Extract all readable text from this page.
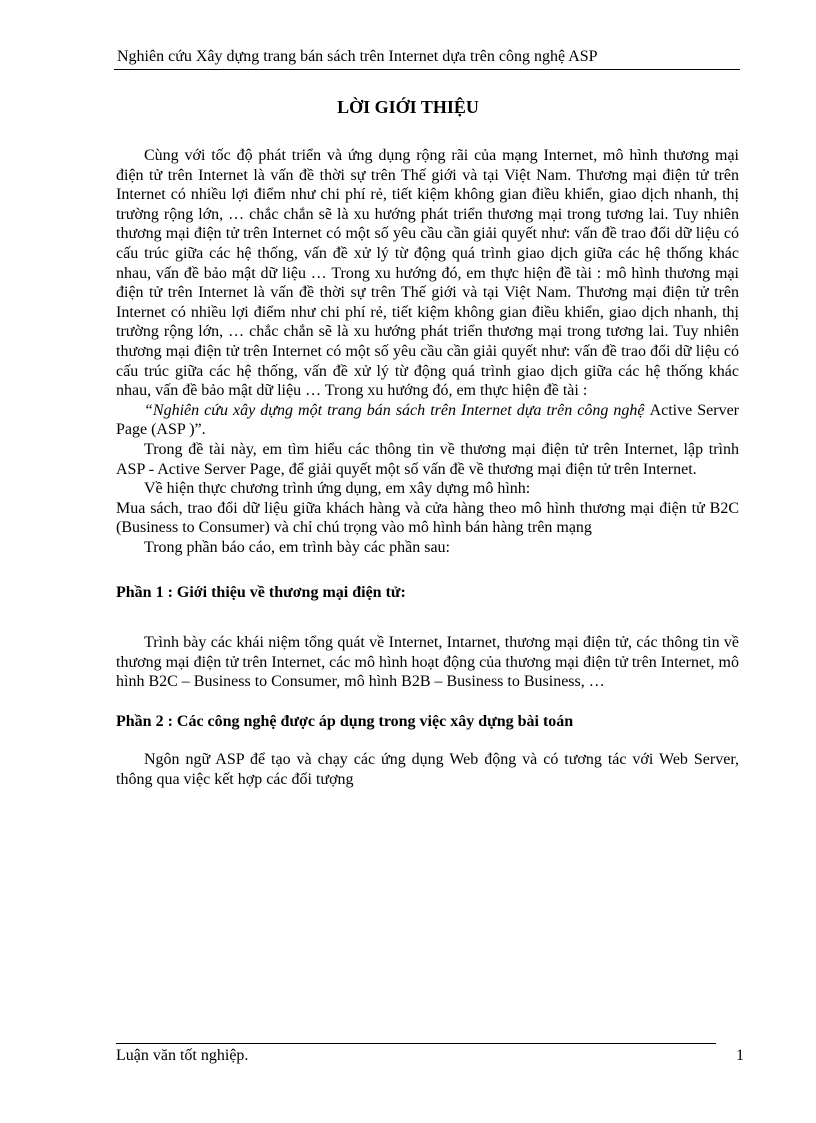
Nghiên cứu Xây dựng trang bán sách trên Internet dựa trên công nghệ ASP
LỜI GIỚI THIỆU

Cùng với tốc độ phát triển và ứng dụng rộng rãi của mạng Internet, mô hình thương mại điện tử trên Internet là vấn đề thời sự trên Thế giới và tại Việt Nam. Thương mại điện tử trên Internet có nhiều lợi điểm như chi phí rẻ, tiết kiệm không gian điều khiển, giao dịch nhanh, thị trường rộng lớn, … chắc chắn sẽ là xu hướng phát triển thương mại trong tương lai. Tuy nhiên thương mại điện tử trên Internet có một số yêu cầu cần giải quyết như: vấn đề trao đổi dữ liệu có cấu trúc giữa các hệ thống, vấn đề xử lý từ động quá trình giao dịch giữa các hệ thống khác nhau, vấn đề bảo mật dữ liệu … Trong xu hướng đó, em thực hiện đề tài : mô hình thương mại điện tử trên Internet là vấn đề thời sự trên Thế giới và tại Việt Nam. Thương mại điện tử trên Internet có nhiều lợi điểm như chi phí rẻ, tiết kiệm không gian điều khiển, giao dịch nhanh, thị trường rộng lớn, … chắc chắn sẽ là xu hướng phát triển thương mại trong tương lai. Tuy nhiên thương mại điện tử trên Internet có một số yêu cầu cần giải quyết như: vấn đề trao đổi dữ liệu có cấu trúc giữa các hệ thống, vấn đề xử lý từ động quá trình giao dịch giữa các hệ thống khác nhau, vấn đề bảo mật dữ liệu … Trong xu hướng đó, em thực hiện đề tài :

“Nghiên cứu xây dựng một trang bán sách trên Internet dựa trên công nghệ Active Server Page (ASP )”.

Trong đề tài này, em tìm hiểu các thông tin về thương mại điện tử trên Internet, lập trình ASP - Active Server Page, để giải quyết một số vấn đề về thương mại điện tử trên Internet.

Về hiện thực chương trình ứng dụng, em xây dựng mô hình:

Mua sách, trao đổi dữ liệu giữa khách hàng và cửa hàng theo mô hình thương mại điện tử B2C (Business to Consumer) và chỉ chú trọng vào mô hình bán hàng trên mạng

Trong phần báo cáo, em trình bày các phần sau:

Phần 1 : Giới thiệu về thương mại điện tử:

Trình bày các khái niệm tổng quát về Internet, Intarnet, thương mại điện tử, các thông tin về thương mại điện tử trên Internet, các mô hình hoạt động của thương mại điện tử trên Internet, mô hình B2C – Business to Consumer, mô hình B2B – Business to Business, …

Phần 2 : Các công nghệ được áp dụng trong việc xây dựng bài toán

Ngôn ngữ ASP để tạo và chạy các ứng dụng Web động và có tương tác với Web Server, thông qua việc kết hợp các đối tượng

Luận văn tốt nghiệp.	1
